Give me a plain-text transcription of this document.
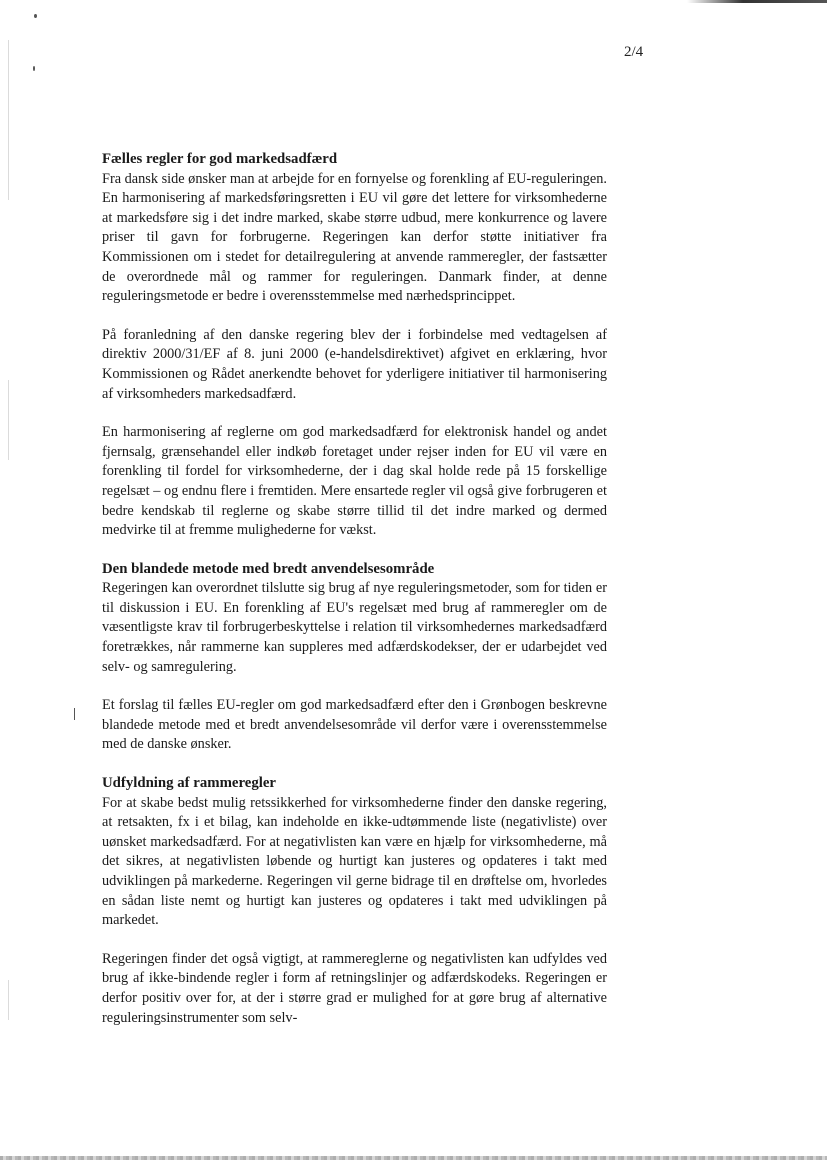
2/4
Fælles regler for god markedsadfærd

Fra dansk side ønsker man at arbejde for en fornyelse og forenkling af EU-reguleringen. En harmonisering af markedsføringsretten i EU vil gøre det lettere for virksomhederne at markedsføre sig i det indre marked, skabe større udbud, mere konkurrence og lavere priser til gavn for forbrugerne. Regeringen kan derfor støtte initiativer fra Kommissionen om i stedet for detailregulering at anvende rammeregler, der fastsætter de overordnede mål og rammer for reguleringen. Danmark finder, at denne reguleringsmetode er bedre i overensstemmelse med nærhedsprincippet.

På foranledning af den danske regering blev der i forbindelse med vedtagelsen af direktiv 2000/31/EF af 8. juni 2000 (e-handelsdirektivet) afgivet en erklæring, hvor Kommissionen og Rådet anerkendte behovet for yderligere initiativer til harmonisering af virksomheders markedsadfærd.

En harmonisering af reglerne om god markedsadfærd for elektronisk handel og andet fjernsalg, grænsehandel eller indkøb foretaget under rejser inden for EU vil være en forenkling til fordel for virksomhederne, der i dag skal holde rede på 15 forskellige regelsæt – og endnu flere i fremtiden. Mere ensartede regler vil også give forbrugeren et bedre kendskab til reglerne og skabe større tillid til det indre marked og dermed medvirke til at fremme mulighederne for vækst.

Den blandede metode med bredt anvendelsesområde

Regeringen kan overordnet tilslutte sig brug af nye reguleringsmetoder, som for tiden er til diskussion i EU. En forenkling af EU's regelsæt med brug af rammeregler om de væsentligste krav til forbrugerbeskyttelse i relation til virksomhedernes markedsadfærd foretrækkes, når rammerne kan suppleres med adfærdskodekser, der er udarbejdet ved selv- og samregulering.

Et forslag til fælles EU-regler om god markedsadfærd efter den i Grønbogen beskrevne blandede metode med et bredt anvendelsesområde vil derfor være i overensstemmelse med de danske ønsker.

Udfyldning af rammeregler

For at skabe bedst mulig retssikkerhed for virksomhederne finder den danske regering, at retsakten, fx i et bilag, kan indeholde en ikke-udtømmende liste (negativliste) over uønsket markedsadfærd. For at negativlisten kan være en hjælp for virksomhederne, må det sikres, at negativlisten løbende og hurtigt kan justeres og opdateres i takt med udviklingen på markederne. Regeringen vil gerne bidrage til en drøftelse om, hvorledes en sådan liste nemt og hurtigt kan justeres og opdateres i takt med udviklingen på markedet.

Regeringen finder det også vigtigt, at rammereglerne og negativlisten kan udfyldes ved brug af ikke-bindende regler i form af retningslinjer og adfærdskodeks. Regeringen er derfor positiv over for, at der i større grad er mulighed for at gøre brug af alternative reguleringsinstrumenter som selv-
